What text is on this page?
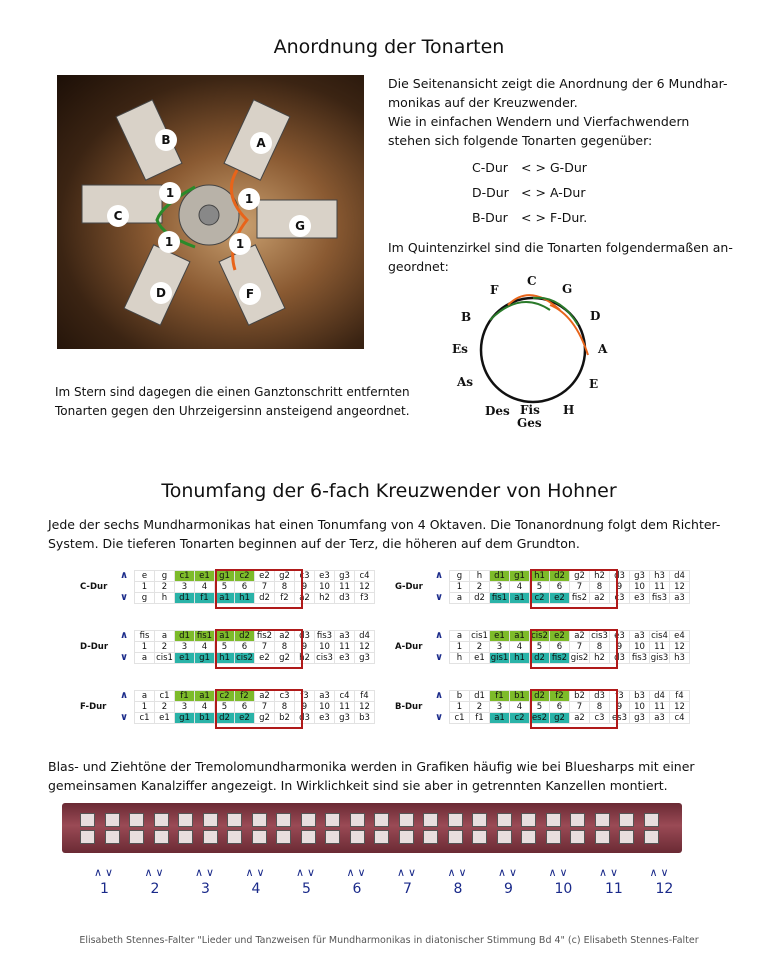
Anordnung der Tonarten
B	A
C
G
D	F
1	1
1	1
Die Seitenansicht zeigt die Anordnung der 6 Mundhar-
monikas auf der Kreuzwender.
Wie in einfachen Wendern und Vierfachwendern
stehen sich folgende Tonarten gegenüber:
C-Dur < > G-Dur
D-Dur < > A-Dur
B-Dur < > F-Dur.
Im Quintenzirkel sind die Tonarten folgendermaßen an-
geordnet:
C
G
D
A
E
H
Fis
Ges
Des
As
Es
B
F
Im Stern sind dagegen die einen Ganztonschritt entfernten
Tonarten gegen den Uhrzeigersinn ansteigend angeordnet.
Tonumfang der 6-fach Kreuzwender von Hohner
Jede der sechs Mundharmonikas hat einen Tonumfang von 4 Oktaven. Die Tonanordnung folgt dem Richter-
System. Die tieferen Tonarten beginnen auf der Terz, die höheren auf dem Grundton.
	∧	e	g	c1	e1	g1	c2	e2	g2	c3	e3	g3	c4
C-Dur		1	2	3	4	5	6	7	8	9	10	11	12
	∨	g	h	d1	f1	a1	h1	d2	f2	a2	h2	d3	f3
	∧	g	h	d1	g1	h1	d2	g2	h2	d3	g3	h3	d4
G-Dur		1	2	3	4	5	6	7	8	9	10	11	12
	∨	a	d2	fis1	a1	c2	e2	fis2	a2	c3	e3	fis3	a3
	∧	fis	a	d1	fis1	a1	d2	fis2	a2	d3	fis3	a3	d4
D-Dur		1	2	3	4	5	6	7	8	9	10	11	12
	∨	a	cis1	e1	g1	h1	cis2	e2	g2	h2	cis3	e3	g3
	∧	a	cis1	e1	a1	cis2	e2	a2	cis3	e3	a3	cis4	e4
A-Dur		1	2	3	4	5	6	7	8	9	10	11	12
	∨	h	e1	gis1	h1	d2	fis2	gis2	h2	d3	fis3	gis3	h3
	∧	a	c1	f1	a1	c2	f2	a2	c3	f3	a3	c4	f4
F-Dur		1	2	3	4	5	6	7	8	9	10	11	12
	∨	c1	e1	g1	b1	d2	e2	g2	b2	d3	e3	g3	b3
	∧	b	d1	f1	b1	d2	f2	b2	d3	f3	b3	d4	f4
B-Dur		1	2	3	4	5	6	7	8	9	10	11	12
	∨	c1	f1	a1	c2	es2	g2	a2	c3	es3	g3	a3	c4
Blas- und Ziehtöne der Tremolomundharmonika werden in Grafiken häufig wie bei Bluesharps mit einer
gemeinsamen Kanalziffer angezeigt. In Wirklichkeit sind sie aber in getrennten Kanzellen montiert.
∧∨
1
∧∨
2
∧∨
3
∧∨
4
∧∨
5
∧∨
6
∧∨
7
∧∨
8
∧∨
9
∧∨
10
∧∨
11
∧∨
12
Elisabeth Stennes-Falter "Lieder und Tanzweisen für Mundharmonikas in diatonischer Stimmung Bd 4" (c) Elisabeth Stennes-Falter
